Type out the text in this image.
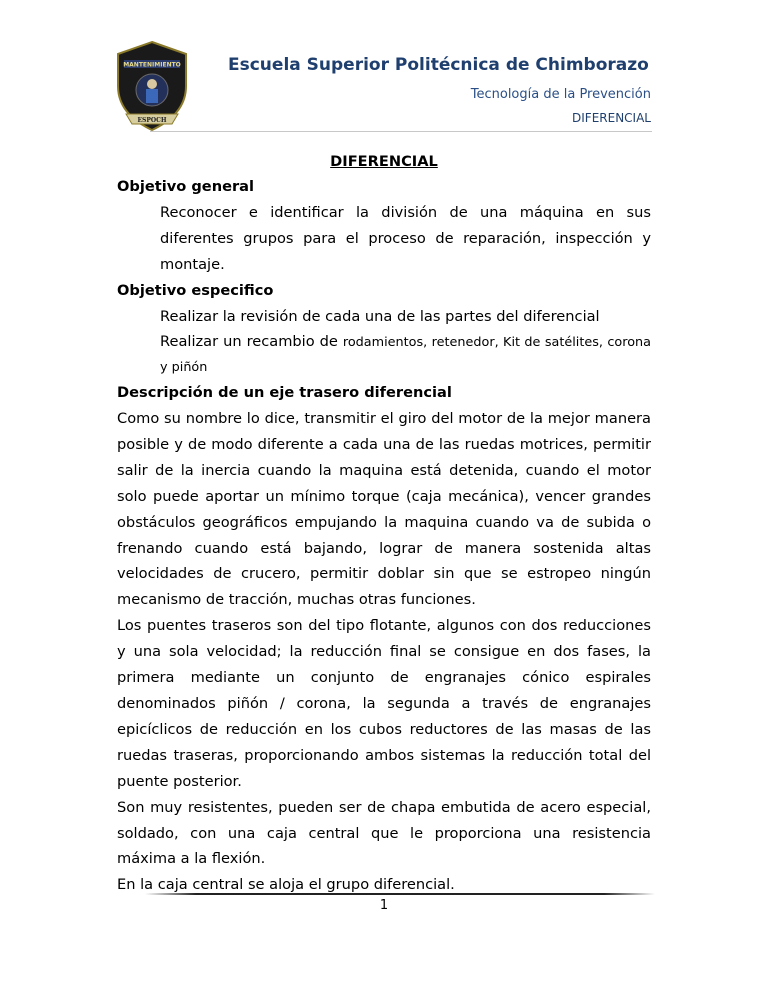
MANTENIMIENTO
ESPOCH
Escuela Superior Politécnica de Chimborazo
Tecnología de la Prevención
DIFERENCIAL
DIFERENCIAL
Objetivo general
Reconocer e identificar la división de una máquina en sus diferentes grupos para el proceso de reparación, inspección y montaje.
Objetivo especifico
Realizar la revisión de cada una de las partes del diferencial
Realizar un recambio de rodamientos, retenedor, Kit de satélites, corona y piñón
Descripción de un eje trasero diferencial
Como su nombre lo dice, transmitir el giro del motor de la mejor manera posible y de modo diferente a cada una de las ruedas motrices, permitir salir de la inercia cuando la maquina está detenida, cuando el motor solo puede aportar un mínimo torque (caja mecánica), vencer grandes obstáculos geográficos empujando la maquina cuando va de subida o frenando cuando está bajando, lograr de manera sostenida altas velocidades de crucero, permitir doblar sin que se estropeo ningún mecanismo de tracción, muchas otras funciones.
Los puentes traseros son del tipo flotante, algunos con dos reducciones y una sola velocidad; la reducción final se consigue en dos fases, la primera mediante un conjunto de engranajes cónico espirales denominados piñón / corona, la segunda a través de engranajes epicíclicos de reducción en los cubos reductores de las masas de las ruedas traseras, proporcionando ambos sistemas la reducción total del puente posterior.
Son muy resistentes, pueden ser de chapa embutida de acero especial, soldado, con una caja central que le proporciona una resistencia máxima a la flexión.
En la caja central se aloja el grupo diferencial.
1
